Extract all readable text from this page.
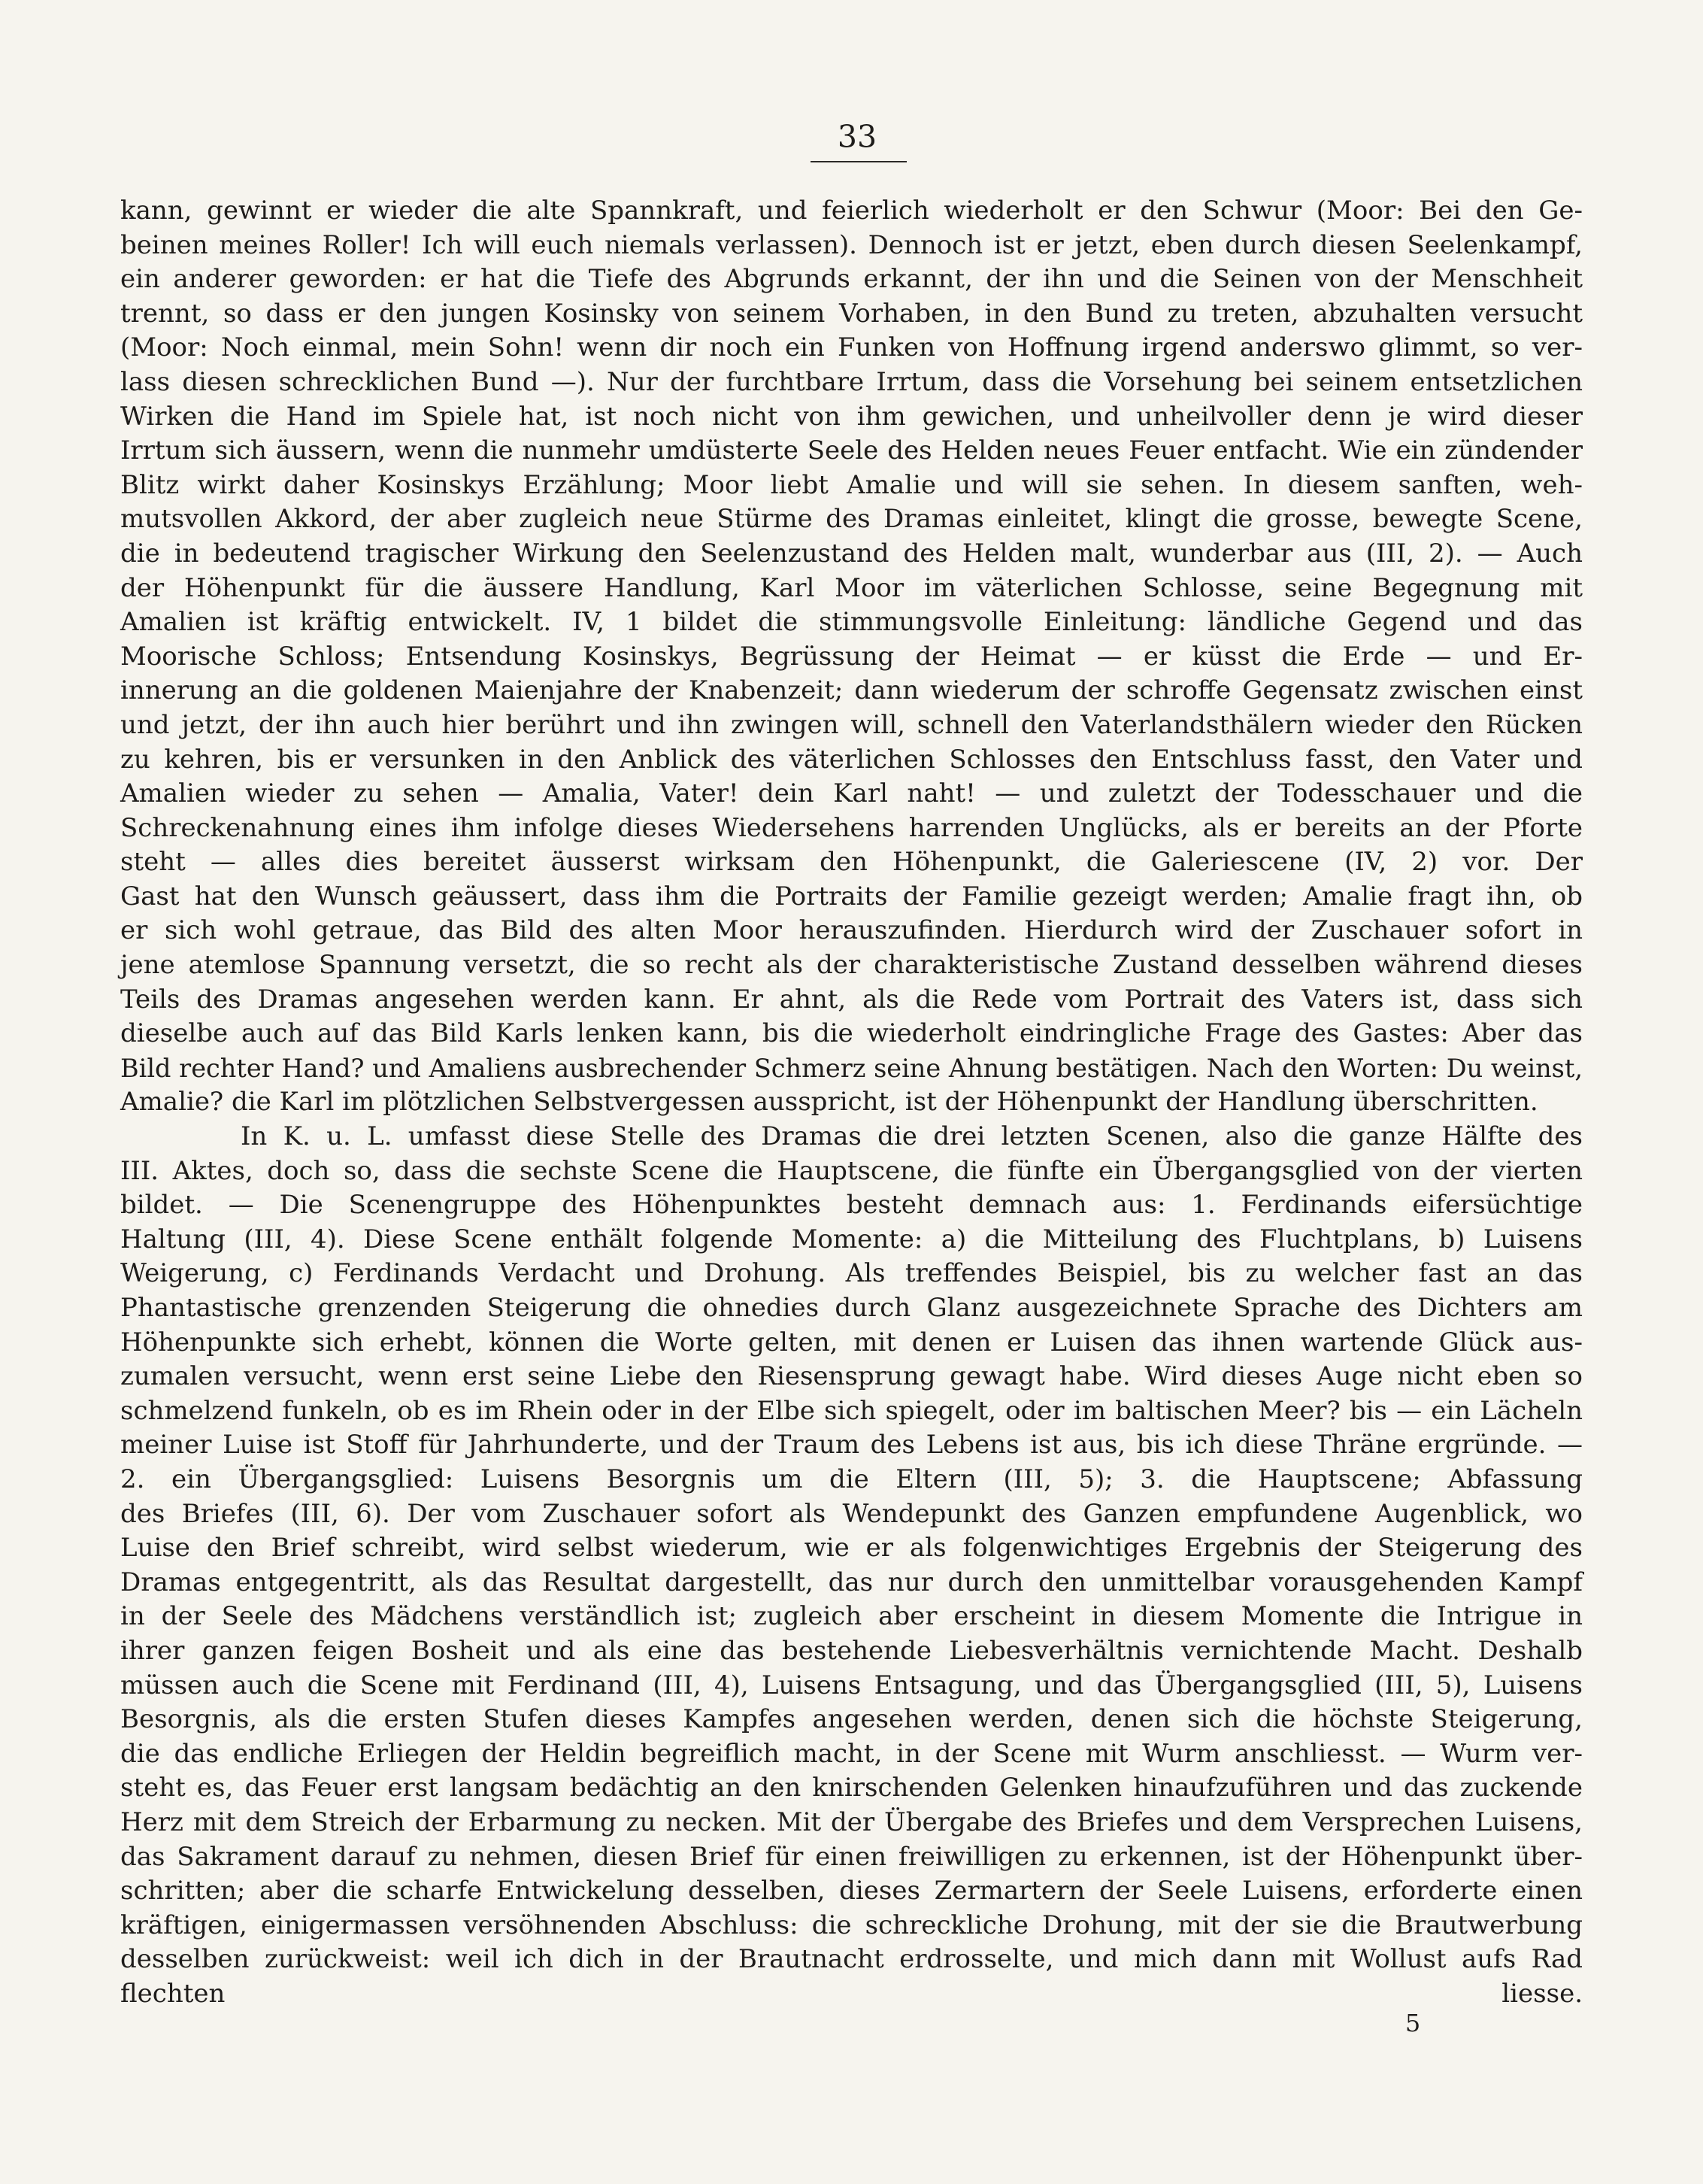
33
kann, gewinnt er wieder die alte Spannkraft, und feierlich wiederholt er den Schwur (Moor: Bei den Ge-
beinen meines Roller! Ich will euch niemals verlassen). Dennoch ist er jetzt, eben durch diesen Seelenkampf,
ein anderer geworden: er hat die Tiefe des Abgrunds erkannt, der ihn und die Seinen von der Menschheit
trennt, so dass er den jungen Kosinsky von seinem Vorhaben, in den Bund zu treten, abzuhalten versucht
(Moor: Noch einmal, mein Sohn! wenn dir noch ein Funken von Hoffnung irgend anderswo glimmt, so ver-
lass diesen schrecklichen Bund —). Nur der furchtbare Irrtum, dass die Vorsehung bei seinem entsetzlichen
Wirken die Hand im Spiele hat, ist noch nicht von ihm gewichen, und unheilvoller denn je wird dieser
Irrtum sich äussern, wenn die nunmehr umdüsterte Seele des Helden neues Feuer entfacht. Wie ein zündender
Blitz wirkt daher Kosinskys Erzählung; Moor liebt Amalie und will sie sehen. In diesem sanften, weh-
mutsvollen Akkord, der aber zugleich neue Stürme des Dramas einleitet, klingt die grosse, bewegte Scene,
die in bedeutend tragischer Wirkung den Seelenzustand des Helden malt, wunderbar aus (III, 2). — Auch
der Höhenpunkt für die äussere Handlung, Karl Moor im väterlichen Schlosse, seine Begegnung mit
Amalien ist kräftig entwickelt. IV, 1 bildet die stimmungsvolle Einleitung: ländliche Gegend und das
Moorische Schloss; Entsendung Kosinskys, Begrüssung der Heimat — er küsst die Erde — und Er-
innerung an die goldenen Maienjahre der Knabenzeit; dann wiederum der schroffe Gegensatz zwischen einst
und jetzt, der ihn auch hier berührt und ihn zwingen will, schnell den Vaterlandsthälern wieder den Rücken
zu kehren, bis er versunken in den Anblick des väterlichen Schlosses den Entschluss fasst, den Vater und
Amalien wieder zu sehen — Amalia, Vater! dein Karl naht! — und zuletzt der Todesschauer und die
Schreckenahnung eines ihm infolge dieses Wiedersehens harrenden Unglücks, als er bereits an der Pforte
steht — alles dies bereitet äusserst wirksam den Höhenpunkt, die Galeriescene (IV, 2) vor. Der
Gast hat den Wunsch geäussert, dass ihm die Portraits der Familie gezeigt werden; Amalie fragt ihn, ob
er sich wohl getraue, das Bild des alten Moor herauszufinden. Hierdurch wird der Zuschauer sofort in
jene atemlose Spannung versetzt, die so recht als der charakteristische Zustand desselben während dieses
Teils des Dramas angesehen werden kann. Er ahnt, als die Rede vom Portrait des Vaters ist, dass sich
dieselbe auch auf das Bild Karls lenken kann, bis die wiederholt eindringliche Frage des Gastes: Aber das
Bild rechter Hand? und Amaliens ausbrechender Schmerz seine Ahnung bestätigen. Nach den Worten: Du weinst,
Amalie? die Karl im plötzlichen Selbstvergessen ausspricht, ist der Höhenpunkt der Handlung überschritten.
In K. u. L. umfasst diese Stelle des Dramas die drei letzten Scenen, also die ganze Hälfte des
III. Aktes, doch so, dass die sechste Scene die Hauptscene, die fünfte ein Übergangsglied von der vierten
bildet. — Die Scenengruppe des Höhenpunktes besteht demnach aus: 1. Ferdinands eifersüchtige
Haltung (III, 4). Diese Scene enthält folgende Momente: a) die Mitteilung des Fluchtplans, b) Luisens
Weigerung, c) Ferdinands Verdacht und Drohung. Als treffendes Beispiel, bis zu welcher fast an das
Phantastische grenzenden Steigerung die ohnedies durch Glanz ausgezeichnete Sprache des Dichters am
Höhenpunkte sich erhebt, können die Worte gelten, mit denen er Luisen das ihnen wartende Glück aus-
zumalen versucht, wenn erst seine Liebe den Riesensprung gewagt habe. Wird dieses Auge nicht eben so
schmelzend funkeln, ob es im Rhein oder in der Elbe sich spiegelt, oder im baltischen Meer? bis — ein Lächeln
meiner Luise ist Stoff für Jahrhunderte, und der Traum des Lebens ist aus, bis ich diese Thräne ergründe. —
2. ein Übergangsglied: Luisens Besorgnis um die Eltern (III, 5); 3. die Hauptscene; Abfassung
des Briefes (III, 6). Der vom Zuschauer sofort als Wendepunkt des Ganzen empfundene Augenblick, wo
Luise den Brief schreibt, wird selbst wiederum, wie er als folgenwichtiges Ergebnis der Steigerung des
Dramas entgegentritt, als das Resultat dargestellt, das nur durch den unmittelbar vorausgehenden Kampf
in der Seele des Mädchens verständlich ist; zugleich aber erscheint in diesem Momente die Intrigue in
ihrer ganzen feigen Bosheit und als eine das bestehende Liebesverhältnis vernichtende Macht. Deshalb
müssen auch die Scene mit Ferdinand (III, 4), Luisens Entsagung, und das Übergangsglied (III, 5), Luisens
Besorgnis, als die ersten Stufen dieses Kampfes angesehen werden, denen sich die höchste Steigerung,
die das endliche Erliegen der Heldin begreiflich macht, in der Scene mit Wurm anschliesst. — Wurm ver-
steht es, das Feuer erst langsam bedächtig an den knirschenden Gelenken hinaufzuführen und das zuckende
Herz mit dem Streich der Erbarmung zu necken. Mit der Übergabe des Briefes und dem Versprechen Luisens,
das Sakrament darauf zu nehmen, diesen Brief für einen freiwilligen zu erkennen, ist der Höhenpunkt über-
schritten; aber die scharfe Entwickelung desselben, dieses Zermartern der Seele Luisens, erforderte einen
kräftigen, einigermassen versöhnenden Abschluss: die schreckliche Drohung, mit der sie die Brautwerbung
desselben zurückweist: weil ich dich in der Brautnacht erdrosselte, und mich dann mit Wollust aufs Rad
flechten liesse.
5
